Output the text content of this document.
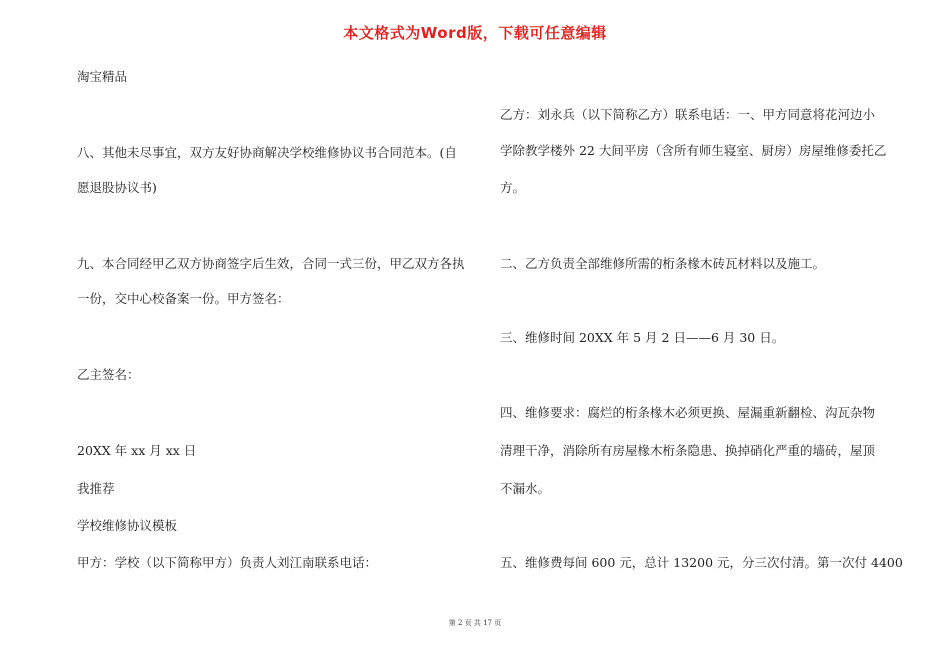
本文格式为Word版，下载可任意编辑
淘宝精品
八、其他未尽事宜，双方友好协商解决学校维修协议书合同范本。(自
愿退股协议书)
九、本合同经甲乙双方协商签字后生效，合同一式三份，甲乙双方各执
一份，交中心校备案一份。甲方签名：
乙主签名：
20XX 年 xx 月 xx 日
我推荐
学校维修协议模板
甲方：学校（以下简称甲方）负责人刘江南联系电话：
乙方：刘永兵（以下简称乙方）联系电话：一、甲方同意将花河边小
学除教学楼外 22 大间平房（含所有师生寝室、厨房）房屋维修委托乙
方。
二、乙方负责全部维修所需的桁条椽木砖瓦材料以及施工。
三、维修时间 20XX 年 5 月 2 日——6 月 30 日。
四、维修要求：腐烂的桁条椽木必须更换、屋漏重新翻检、沟瓦杂物
清理干净，消除所有房屋椽木桁条隐患、换掉硝化严重的墙砖，屋顶
不漏水。
五、维修费每间 600 元，总计 13200 元，分三次付清。第一次付 4400
第 2 页 共 17 页
